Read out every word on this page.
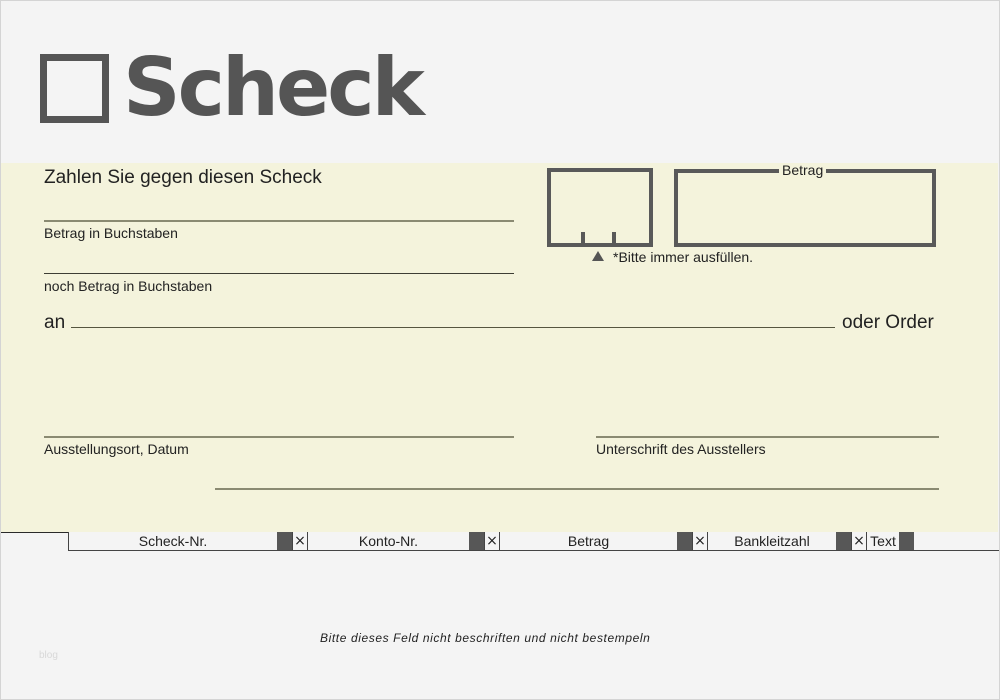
Scheck
Zahlen Sie gegen diesen Scheck
Betrag in Buchstaben
noch Betrag in Buchstaben
*Bitte immer ausfüllen.
Betrag
an	oder Order
Ausstellungsort, Datum	Unterschrift des Ausstellers
Scheck-Nr.	×	Konto-Nr.	×	Betrag	×	Bankleitzahl	× Text
Bitte dieses Feld nicht beschriften und nicht bestempeln
blog
